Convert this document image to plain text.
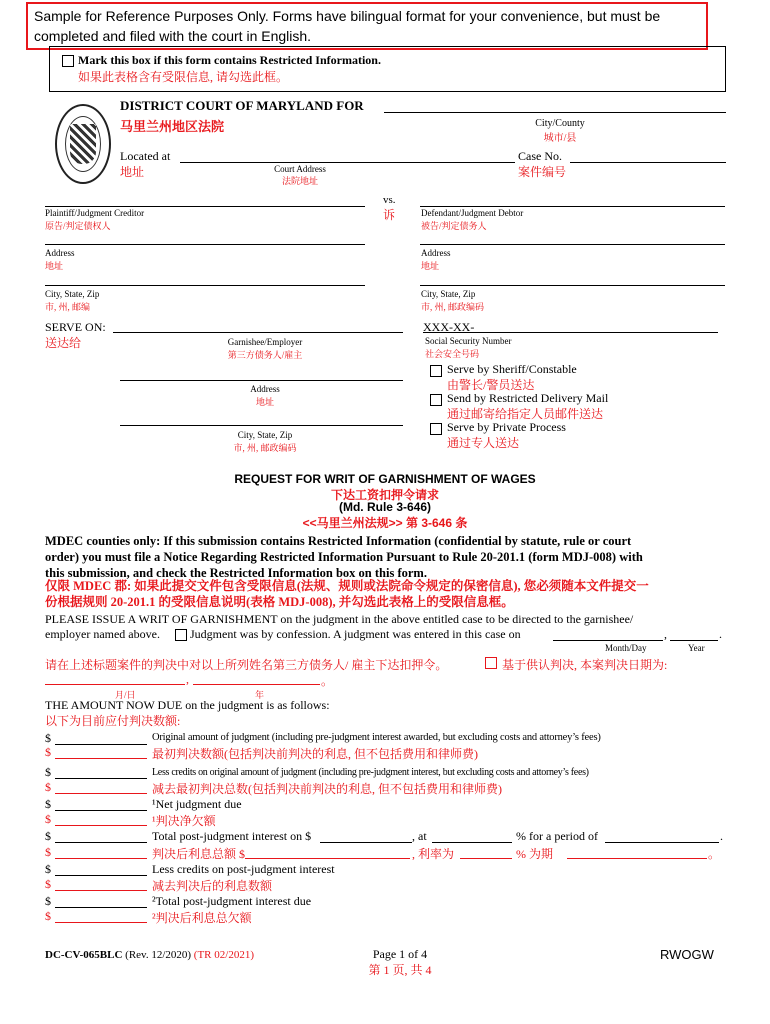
Sample for Reference Purposes Only. Forms have bilingual format for your convenience, but must be
completed and filed with the court in English.
Mark this box if this form contains Restricted Information.
如果此表格含有受限信息, 请勾选此框。
DISTRICT COURT OF MARYLAND FOR
马里兰州地区法院	City/County
城市/县
Located at
地址	Court Address
法院地址
Case No.
案件编号
vs.
诉
Plaintiff/Judgment Creditor
原告/判定债权人
Defendant/Judgment Debtor
被告/判定债务人
Address
地址
Address
地址
City, State, Zip
市, 州, 邮编
City, State, Zip
市, 州, 邮政编码
SERVE ON:
送达给	Garnishee/Employer
第三方债务人/雇主
XXX-XX-
Social Security Number
社会安全号码
Address
地址
City, State, Zip
市, 州, 邮政编码
Serve by Sheriff/Constable
由警长/警员送达
Send by Restricted Delivery Mail
通过邮寄给指定人员邮件送达
Serve by Private Process
通过专人送达
REQUEST FOR WRIT OF GARNISHMENT OF WAGES
下达工资扣押令请求
(Md. Rule 3-646)
<<马里兰州法规>> 第 3-646 条
MDEC counties only: If this submission contains Restricted Information (confidential by statute, rule or court
order) you must file a Notice Regarding Restricted Information Pursuant to Rule 20-201.1 (form MDJ-008) with
this submission, and check the Restricted Information box on this form.
仅限 MDEC 郡: 如果此提交文件包含受限信息(法规、规则或法院命令规定的保密信息), 您必须随本文件提交一
份根据规则 20-201.1 的受限信息说明(表格 MDJ-008), 并勾选此表格上的受限信息框。
PLEASE ISSUE A WRIT OF GARNISHMENT on the judgment in the above entitled case to be directed to the garnishee/
employer named above.	Judgment was by confession. A judgment was entered in this case on	,	.
Month/Day	Year
请在上述标题案件的判决中对以上所列姓名第三方债务人/ 雇主下达扣押令。	基于供认判决, 本案判决日期为:
,	。
月/日	年
THE AMOUNT NOW DUE on the judgment is as follows:
以下为目前应付判决数额:
$	Original amount of judgment (including pre-judgment interest awarded, but excluding costs and attorney’s fees)
$	最初判决数额(包括判决前判决的利息, 但不包括费用和律师费)
$	Less credits on original amount of judgment (including pre-judgment interest, but excluding costs and attorney’s fees)
$	减去最初判决总数(包括判决前判决的利息, 但不包括费用和律师费)
$	¹Net judgment due
$	¹判决净欠额
$	Total post-judgment interest on $	, at	% for a period of	.
$	判决后利息总额 $	, 利率为	% 为期	。
$	Less credits on post-judgment interest
$	减去判决后的利息数额
$	²Total post-judgment interest due
$	²判决后利息总欠额
DC-CV-065BLC (Rev. 12/2020) (TR 02/2021)	Page 1 of 4
第 1 页, 共 4
RWOGW
